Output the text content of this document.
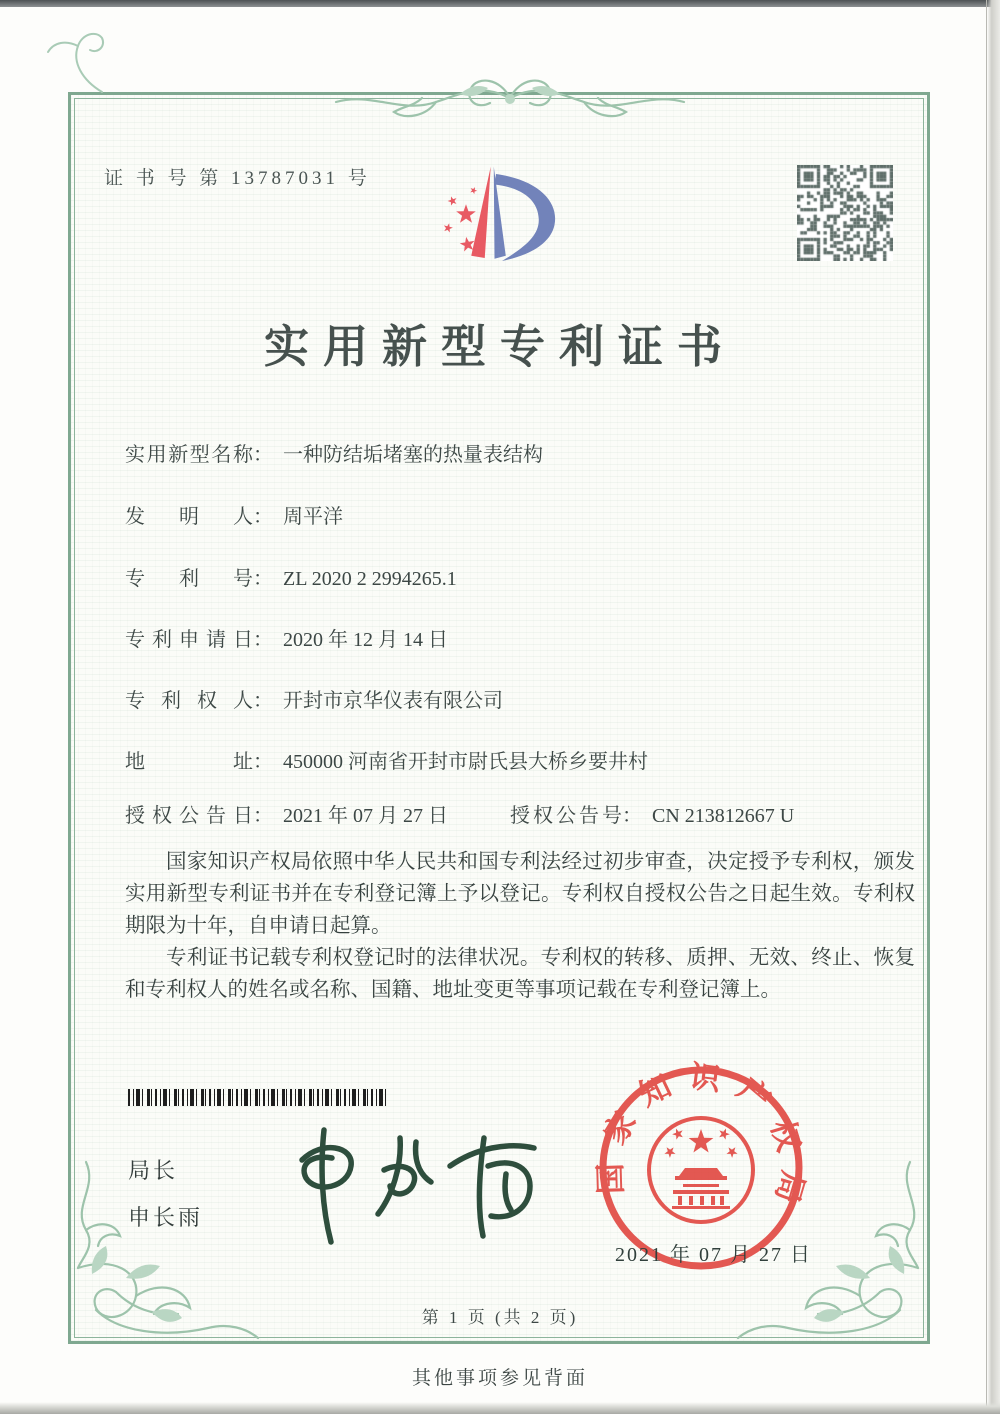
证 书 号 第 13787031 号
实用新型专利证书
实用新型名称： 一种防结垢堵塞的热量表结构
发明人： 周平洋
专利号： ZL 2020 2 2994265.1
专利申请日： 2020 年 12 月 14 日
专利权人： 开封市京华仪表有限公司
地址： 450000 河南省开封市尉氏县大桥乡要井村
授权公告日： 2021 年 07 月 27 日	授权公告号： CN 213812667 U

国家知识产权局依照中华人民共和国专利法经过初步审查，决定授予专利权，颁发实用新型专利证书并在专利登记簿上予以登记。专利权自授权公告之日起生效。专利权期限为十年，自申请日起算。

专利证书记载专利权登记时的法律状况。专利权的转移、质押、无效、终止、恢复和专利权人的姓名或名称、国籍、地址变更等事项记载在专利登记簿上。

局长
申长雨
国家知识产权局
2021 年 07 月 27 日
第 1 页 (共 2 页)
其他事项参见背面
